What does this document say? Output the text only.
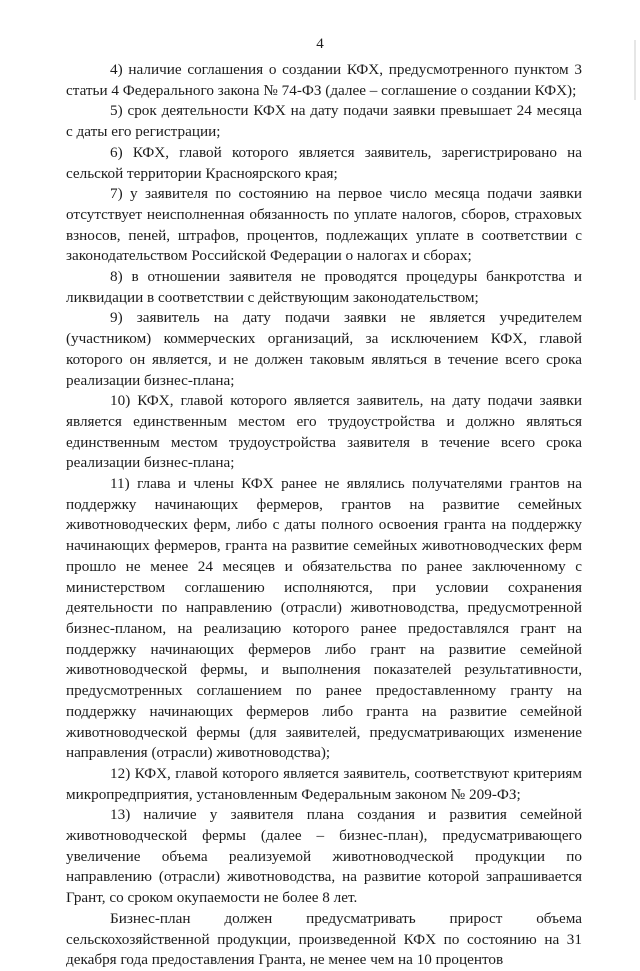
4

4) наличие соглашения о создании КФХ, предусмотренного пунктом 3 статьи 4 Федерального закона № 74-ФЗ (далее – соглашение о создании КФХ);

5) срок деятельности КФХ на дату подачи заявки превышает 24 месяца с даты его регистрации;

6) КФХ, главой которого является заявитель, зарегистрировано на сельской территории Красноярского края;

7) у заявителя по состоянию на первое число месяца подачи заявки отсутствует неисполненная обязанность по уплате налогов, сборов, страховых взносов, пеней, штрафов, процентов, подлежащих уплате в соответствии с законодательством Российской Федерации о налогах и сборах;

8) в отношении заявителя не проводятся процедуры банкротства и ликвидации в соответствии с действующим законодательством;

9) заявитель на дату подачи заявки не является учредителем (участником) коммерческих организаций, за исключением КФХ, главой которого он является, и не должен таковым являться в течение всего срока реализации бизнес-плана;

10) КФХ, главой которого является заявитель, на дату подачи заявки является единственным местом его трудоустройства и должно являться единственным местом трудоустройства заявителя в течение всего срока реализации бизнес-плана;

11) глава и члены КФХ ранее не являлись получателями грантов на поддержку начинающих фермеров, грантов на развитие семейных животноводческих ферм, либо с даты полного освоения гранта на поддержку начинающих фермеров, гранта на развитие семейных животноводческих ферм прошло не менее 24 месяцев и обязательства по ранее заключенному с министерством соглашению исполняются, при условии сохранения деятельности по направлению (отрасли) животноводства, предусмотренной бизнес-планом, на реализацию которого ранее предоставлялся грант на поддержку начинающих фермеров либо грант на развитие семейной животноводческой фермы, и выполнения показателей результативности, предусмотренных соглашением по ранее предоставленному гранту на поддержку начинающих фермеров либо гранта на развитие семейной животноводческой фермы (для заявителей, предусматривающих изменение направления (отрасли) животноводства);

12) КФХ, главой которого является заявитель, соответствуют критериям микропредприятия, установленным Федеральным законом № 209-ФЗ;

13) наличие у заявителя плана создания и развития семейной животноводческой фермы (далее – бизнес-план), предусматривающего увеличение объема реализуемой животноводческой продукции по направлению (отрасли) животноводства, на развитие которой запрашивается Грант, со сроком окупаемости не более 8 лет.

Бизнес-план должен предусматривать прирост объема сельскохозяйственной продукции, произведенной КФХ по состоянию на 31 декабря года предоставления Гранта, не менее чем на 10 процентов
